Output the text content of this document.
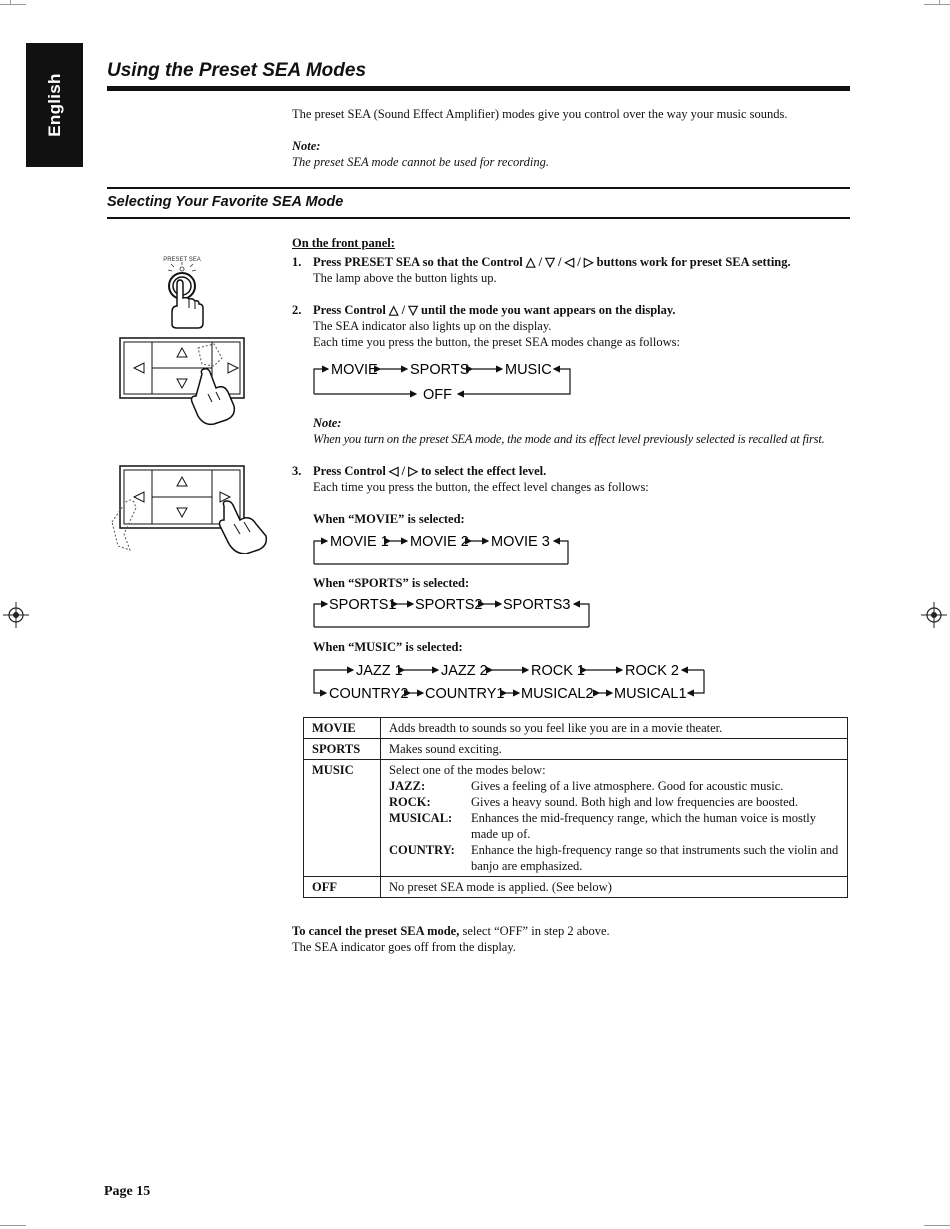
English
Using the Preset SEA Modes
The preset SEA (Sound Effect Amplifier) modes give you control over the way your music sounds.
Note:
The preset SEA mode cannot be used for recording.
Selecting Your Favorite SEA Mode
PRESET SEA
On the front panel:
1. Press PRESET SEA so that the Control △ / ▽ / ◁ / ▷ buttons work for preset SEA setting.
The lamp above the button lights up.
2. Press Control △ / ▽ until the mode you want appears on the display.
The SEA indicator also lights up on the display.
Each time you press the button, the preset SEA modes change as follows:
MOVIE SPORTS MUSIC
OFF
Note:
When you turn on the preset SEA mode, the mode and its effect level previously selected is recalled at first.
3. Press Control ◁ / ▷ to select the effect level.
Each time you press the button, the effect level changes as follows:
When “MOVIE” is selected:
MOVIE 1 MOVIE 2 MOVIE 3
When “SPORTS” is selected:
SPORTS1 SPORTS2 SPORTS3
When “MUSIC” is selected:
JAZZ 1	JAZZ 2	ROCK 1	ROCK 2
COUNTRY2 COUNTRY1 MUSICAL2 MUSICAL1
MOVIE	Adds breadth to sounds so you feel like you are in a movie theater.
SPORTS	Makes sound exciting.
MUSIC	Select one of the modes below:
JAZZ:	Gives a feeling of a live atmosphere. Good for acoustic music.
ROCK:	Gives a heavy sound. Both high and low frequencies are boosted.
MUSICAL:	Enhances the mid-frequency range, which the human voice is mostly made up of.
COUNTRY:	Enhance the high-frequency range so that instruments such the violin and banjo are emphasized.

OFF	No preset SEA mode is applied. (See below)
To cancel the preset SEA mode, select “OFF” in step 2 above.
The SEA indicator goes off from the display.
Page 15
